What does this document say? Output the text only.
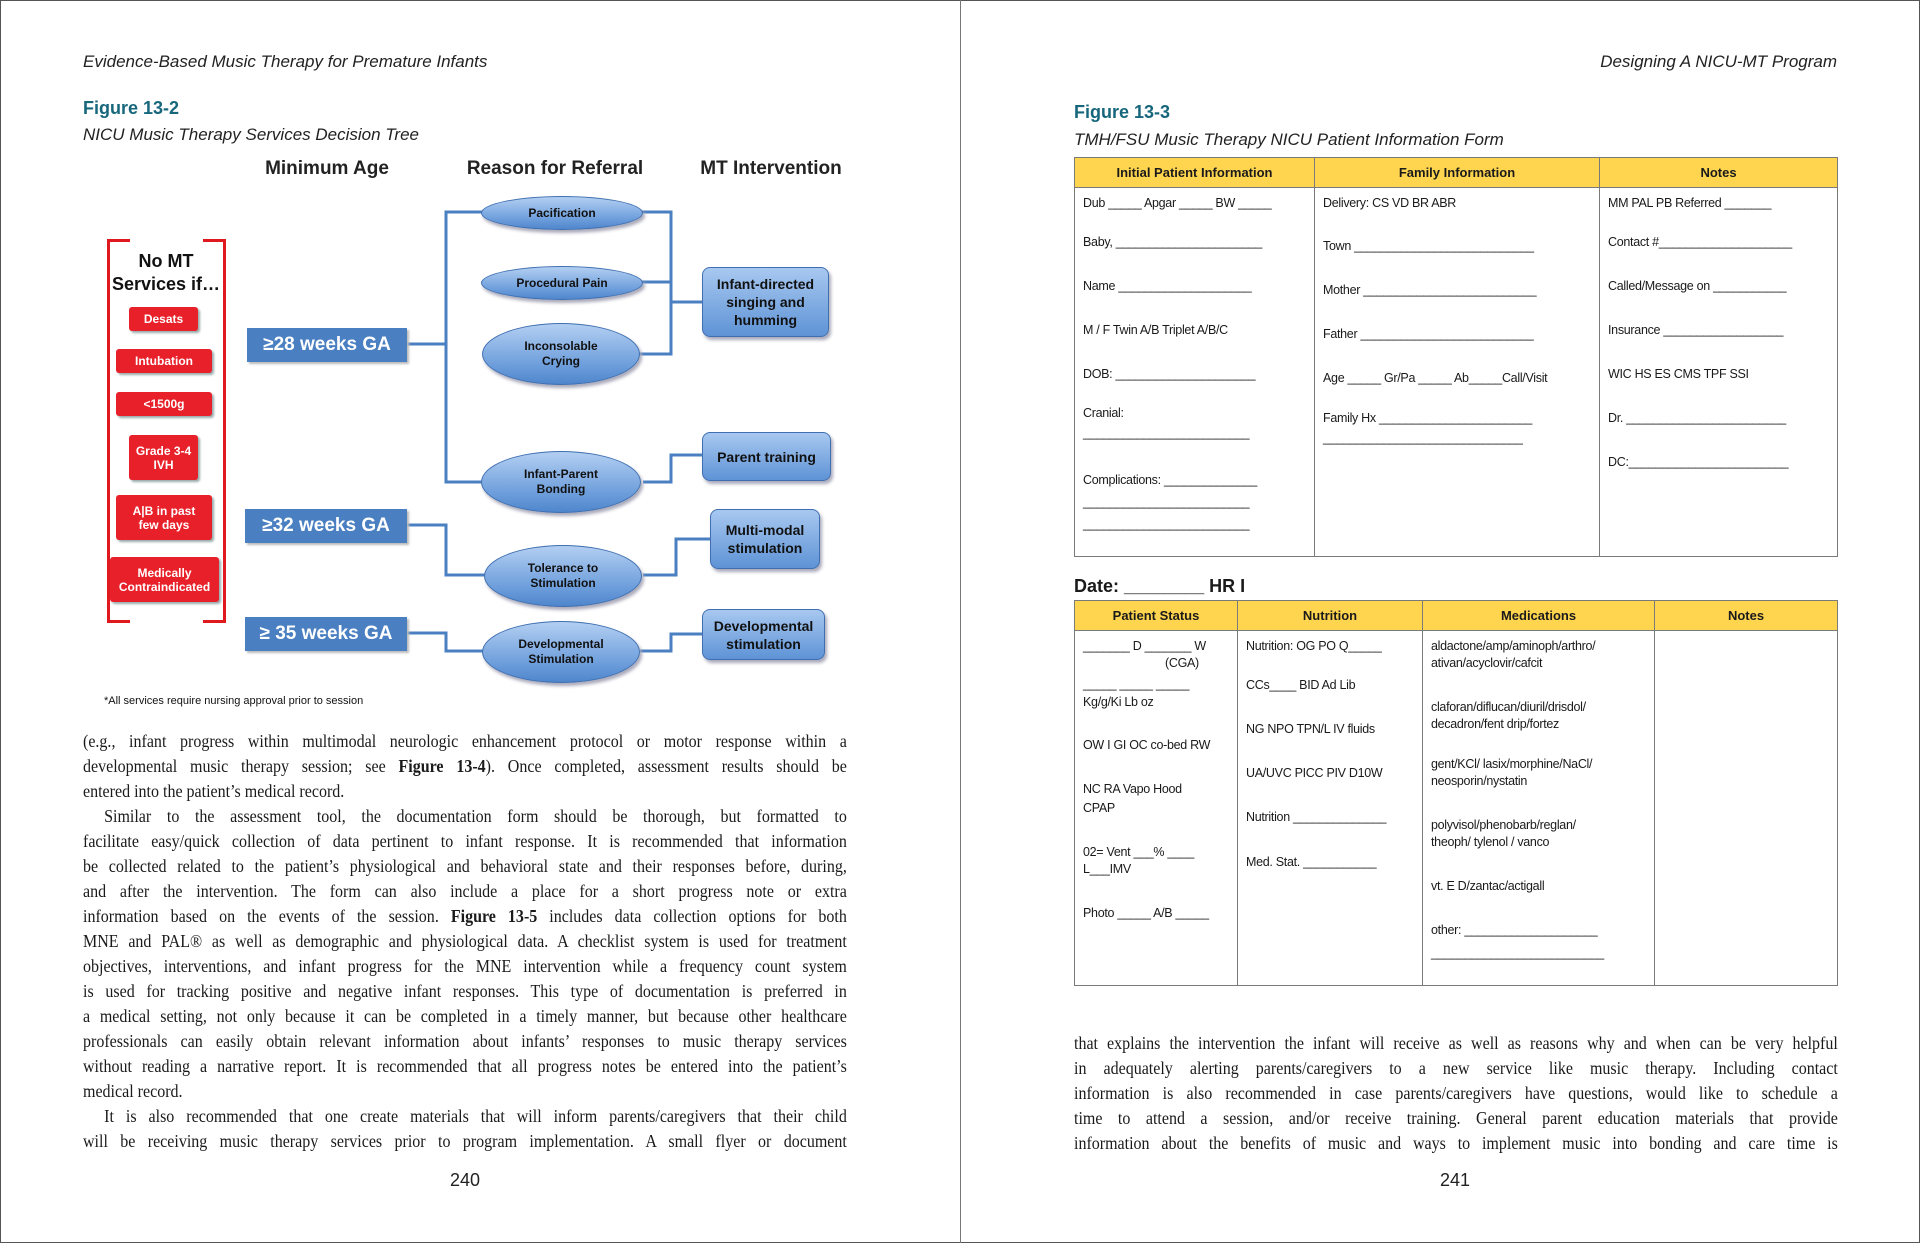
Evidence-Based Music Therapy for Premature Infants
Figure 13-2
NICU Music Therapy Services Decision Tree
Minimum Age	Reason for Referral	MT Intervention
No MT Services if…
Desats
Intubation
<1500g
Grade 3-4 IVH
A|B in past few days
Medically Contraindicated
≥28 weeks GA
≥32 weeks GA
≥ 35 weeks GA
Pacification
Procedural Pain
Inconsolable Crying
Infant-Parent Bonding
Tolerance to Stimulation
Developmental Stimulation
Infant-directed singing and humming
Parent training
Multi-modal stimulation
Developmental stimulation
*All services require nursing approval prior to session
(e.g., infant progress within multimodal neurologic enhancement protocol or motor response within a
developmental music therapy session; see Figure 13-4). Once completed, assessment results should be
entered into the patient’s medical record.
Similar to the assessment tool, the documentation form should be thorough, but formatted to
facilitate easy/quick collection of data pertinent to infant response. It is recommended that information
be collected related to the patient’s physiological and behavioral state and their responses before, during,
and after the intervention. The form can also include a place for a short progress note or extra
information based on the events of the session. Figure 13-5 includes data collection options for both
MNE and PAL® as well as demographic and physiological data. A checklist system is used for treatment
objectives, interventions, and infant progress for the MNE intervention while a frequency count system
is used for tracking positive and negative infant responses. This type of documentation is preferred in
a medical setting, not only because it can be completed in a timely manner, but because other healthcare
professionals can easily obtain relevant information about infants’ responses to music therapy services
without reading a narrative report. It is recommended that all progress notes be entered into the patient’s
medical record.
It is also recommended that one create materials that will inform parents/caregivers that their child
will be receiving music therapy services prior to program implementation. A small flyer or document
240
Designing A NICU-MT Program
Figure 13-3
TMH/FSU Music Therapy NICU Patient Information Form
Initial Patient Information
Dub _____ Apgar _____ BW _____
Baby, ______________________
Name ____________________
M / F Twin A/B Triplet A/B/C
DOB: _____________________
Cranial:
_________________________
Complications: ______________
_________________________
_________________________
Family Information
Delivery: CS VD BR ABR
Town ___________________________
Mother __________________________
Father __________________________
Age _____ Gr/Pa _____ Ab_____Call/Visit
Family Hx _______________________
______________________________
Notes
MM PAL PB Referred _______
Contact #____________________
Called/Message on ___________
Insurance __________________
WIC HS ES CMS TPF SSI
Dr. ________________________
DC:________________________
Date: ________ HR I
Patient Status
_______ D _______ W
(CGA)
_____ _____ _____
Kg/g/Ki Lb oz
OW I GI OC co-bed RW
NC RA Vapo Hood
CPAP
02= Vent ___% ____
L___IMV
Photo _____ A/B _____
Nutrition
Nutrition: OG PO Q_____
CCs____ BID Ad Lib
NG NPO TPN/L IV fluids
UA/UVC PICC PIV D10W
Nutrition ______________
Med. Stat. ___________
Medications
aldactone/amp/aminoph/arthro/
ativan/acyclovir/cafcit
claforan/diflucan/diuril/drisdol/
decadron/fent drip/fortez
gent/KCl/ lasix/morphine/NaCl/
neosporin/nystatin
polyvisol/phenobarb/reglan/
theoph/ tylenol / vanco
vt. E D/zantac/actigall
other: ____________________
__________________________
Notes
that explains the intervention the infant will receive as well as reasons why and when can be very helpful
in adequately alerting parents/caregivers to a new service like music therapy. Including contact
information is also recommended in case parents/caregivers have questions, would like to schedule a
time to attend a session, and/or receive training. General parent education materials that provide
information about the benefits of music and ways to implement music into bonding and care time is
241
